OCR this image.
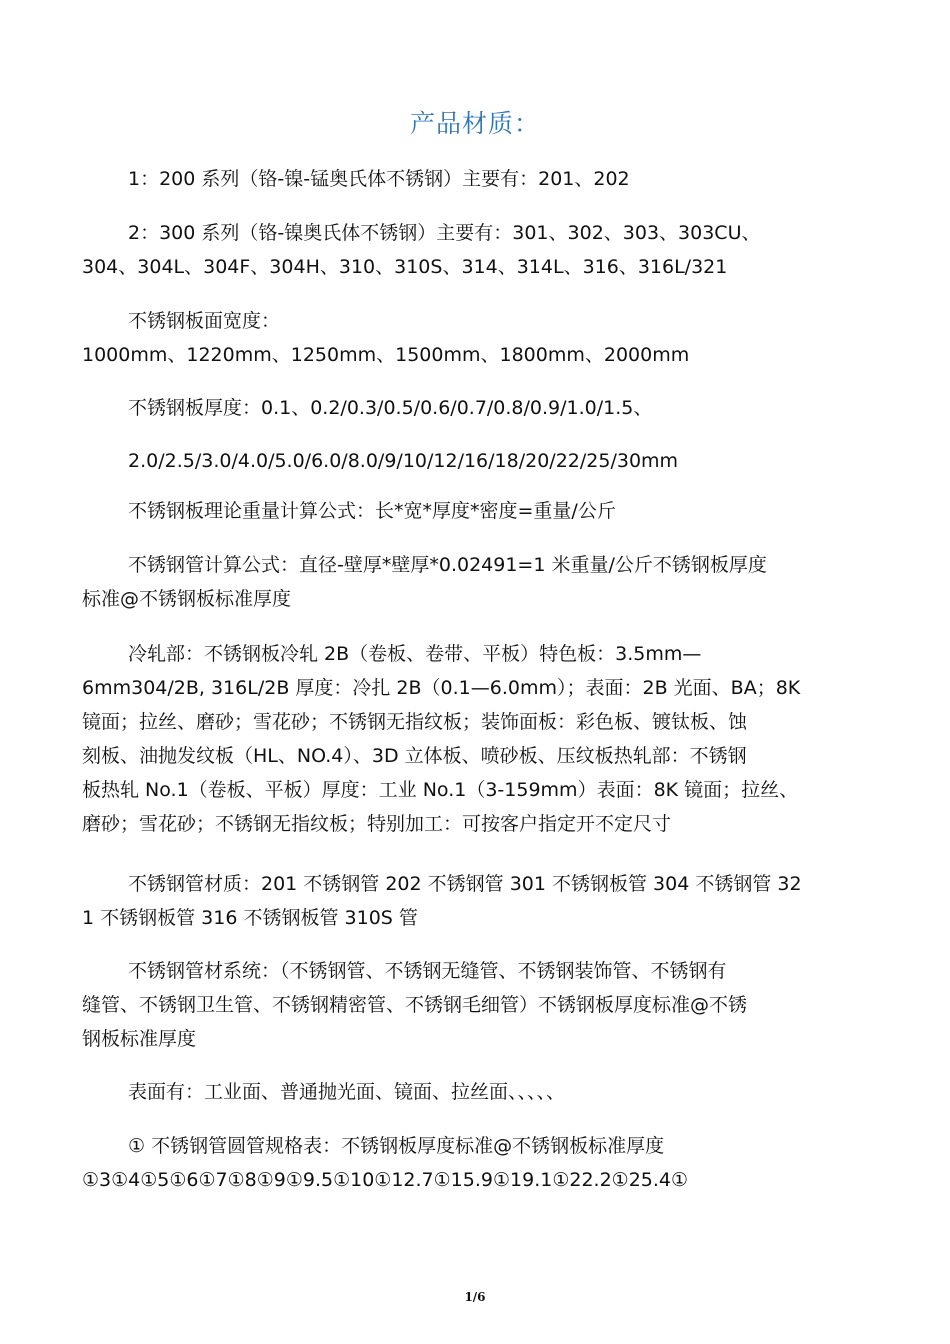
产品材质：
1：200 系列（铬-镍-锰奥氏体不锈钢）主要有：201、202
2：300 系列（铬-镍奥氏体不锈钢）主要有：301、302、303、303CU、
304、304L、304F、304H、310、310S、314、314L、316、316L/321
不锈钢板面宽度：
1000mm、1220mm、1250mm、1500mm、1800mm、2000mm
不锈钢板厚度：0.1、0.2/0.3/0.5/0.6/0.7/0.8/0.9/1.0/1.5、
2.0/2.5/3.0/4.0/5.0/6.0/8.0/9/10/12/16/18/20/22/25/30mm
不锈钢板理论重量计算公式：长*宽*厚度*密度=重量/公斤
不锈钢管计算公式：直径-壁厚*壁厚*0.02491=1 米重量/公斤不锈钢板厚度
标准@不锈钢板标准厚度
冷轧部：不锈钢板冷轧 2B（卷板、卷带、平板）特色板：3.5mm—
6mm304/2B, 316L/2B 厚度：冷扎 2B（0.1—6.0mm）；表面：2B 光面、BA；8K
镜面；拉丝、磨砂；雪花砂；不锈钢无指纹板；装饰面板：彩色板、镀钛板、蚀
刻板、油抛发纹板（HL、NO.4）、3D 立体板、喷砂板、压纹板热轧部：不锈钢
板热轧 No.1（卷板、平板）厚度：工业 No.1（3-159mm）表面：8K 镜面；拉丝、
磨砂；雪花砂；不锈钢无指纹板；特别加工：可按客户指定开不定尺寸
不锈钢管材质：201 不锈钢管 202 不锈钢管 301 不锈钢板管 304 不锈钢管 32
1 不锈钢板管 316 不锈钢板管 310S 管
不锈钢管材系统：（不锈钢管、不锈钢无缝管、不锈钢装饰管、不锈钢有
缝管、不锈钢卫生管、不锈钢精密管、不锈钢毛细管）不锈钢板厚度标准@不锈
钢板标准厚度
表面有：工业面、普通抛光面、镜面、拉丝面、、、、、
① 不锈钢管圆管规格表：不锈钢板厚度标准@不锈钢板标准厚度
①3①4①5①6①7①8①9①9.5①10①12.7①15.9①19.1①22.2①25.4①
1/6
